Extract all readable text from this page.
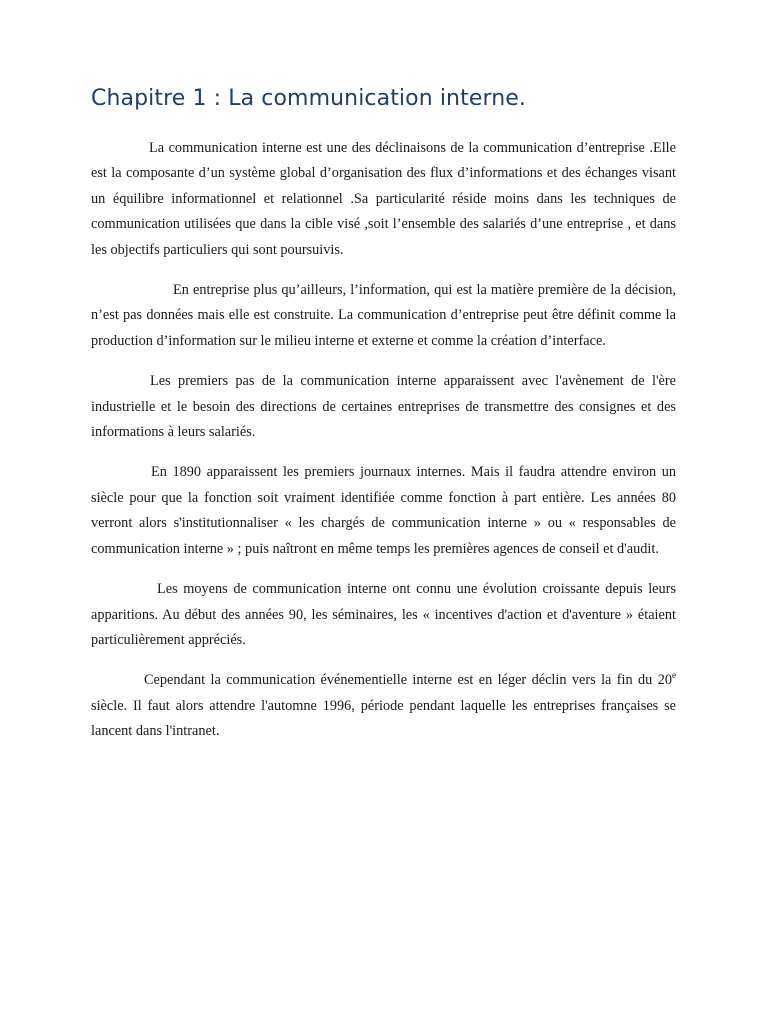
Chapitre 1 : La communication interne.

La communication interne est une des déclinaisons de la communication d’entreprise .Elle est la composante d’un système global d’organisation des flux d’informations et des échanges visant un équilibre informationnel et relationnel .Sa particularité réside moins dans les techniques de communication utilisées que dans la cible visé ,soit l’ensemble des salariés d’une entreprise , et dans les objectifs particuliers qui sont poursuivis.

En entreprise plus qu’ailleurs, l’information, qui est la matière première de la décision, n’est pas données mais elle est construite. La communication d’entreprise peut être définit comme la production d’information sur le milieu interne et externe et comme la création d’interface.

Les premiers pas de la communication interne apparaissent avec l'avènement de l'ère industrielle et le besoin des directions de certaines entreprises de transmettre des consignes et des informations à leurs salariés.

En 1890 apparaissent les premiers journaux internes. Mais il faudra attendre environ un siècle pour que la fonction soit vraiment identifiée comme fonction à part entière. Les années 80 verront alors s'institutionnaliser « les chargés de communication interne » ou « responsables de communication interne » ; puis naîtront en même temps les premières agences de conseil et d'audit.

Les moyens de communication interne ont connu une évolution croissante depuis leurs apparitions. Au début des années 90, les séminaires, les « incentives d'action et d'aventure » étaient particulièrement appréciés.

Cependant la communication événementielle interne est en léger déclin vers la fin du 20e siècle. Il faut alors attendre l'automne 1996, période pendant laquelle les entreprises françaises se lancent dans l'intranet.
